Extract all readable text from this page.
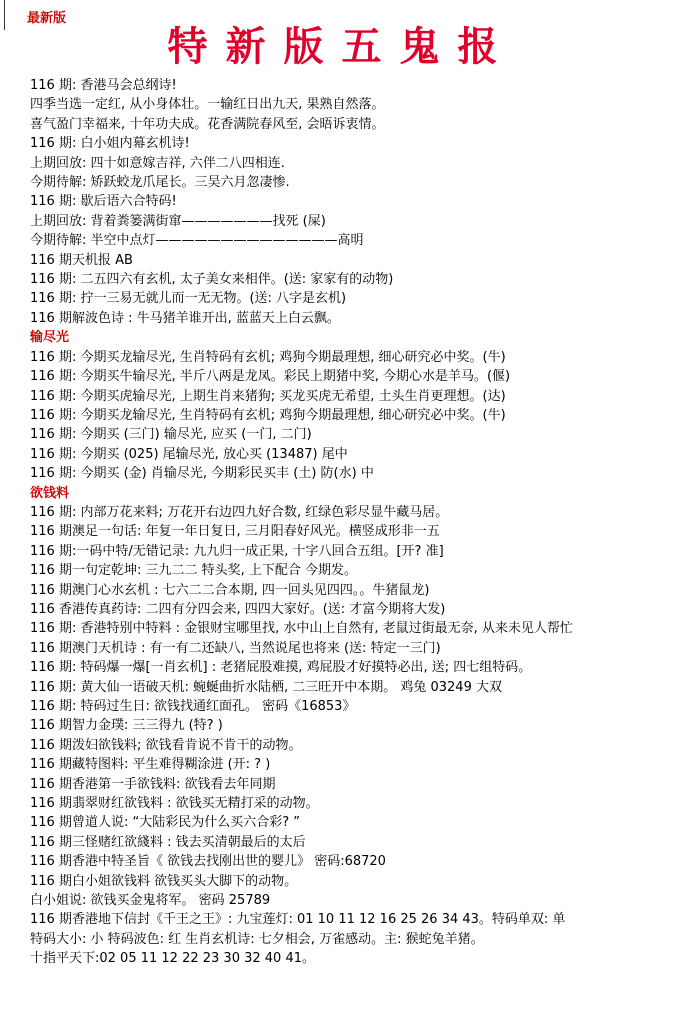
最新版
特新版五鬼报
116 期: 香港马会总纲诗!
四季当选一定红, 从小身体壮。一输红日出九天, 果熟自然落。
喜气盈门幸福来, 十年功夫成。花香满院春风至, 会晤诉衷情。
116 期: 白小姐内幕玄机诗!
上期回放: 四十如意嫁吉祥, 六伴二八四相连.
今期待解: 矫跃蛟龙爪尾长。三吴六月忽凄惨.
116 期: 歇后语六合特码!
上期回放: 背着粪篓满街窜———————找死 (屎)
今期待解: 半空中点灯——————————————高明
116 期天机报 AB
116 期: 二五四六有玄机, 太子美女来相伴。(送: 家家有的动物)
116 期: 拧一三易无就儿而一无无物。(送: 八字是玄机)
116 期解波色诗 : 牛马猪羊谁开出, 蓝蓝天上白云飘。
输尽光
116 期: 今期买龙输尽光, 生肖特码有玄机; 鸡狗今期最理想, 细心研究必中奖。(牛)
116 期: 今期买牛输尽光, 半斤八两是龙凤。彩民上期猪中奖, 今期心水是羊马。(偃)
116 期: 今期买虎输尽光, 上期生肖来猪狗; 买龙买虎无希望, 土头生肖更理想。(达)
116 期: 今期买龙输尽光, 生肖特码有玄机; 鸡狗今期最理想, 细心研究必中奖。(牛)
116 期: 今期买 (三门) 输尽光, 应买 (一门, 二门)
116 期: 今期买 (025) 尾输尽光, 放心买 (13487) 尾中
116 期: 今期买 (金) 肖输尽光, 今期彩民买丰 (土) 防(水) 中
欲钱料
116 期: 内部万花来料; 万花开右边四九好合数, 红绿色彩尽显牛藏马居。
116 期澳足一句话: 年复一年日复日, 三月阳春好风光。横竖成形非一五
116 期:一码中特/无错记录: 九九归一成正果, 十字八回合五组。[开? 准]
116 期一句定乾坤: 三九二二 特头奖, 上下配合 今期发。
116 期澳门心水玄机 : 七六二二合本期, 四一回头见四四。。牛猪鼠龙)
116 香港传真药诗: 二四有分四会来, 四四大家好。(送: 才富今期将大发)
116 期: 香港特别中特料 : 金银财宝哪里找, 水中山上自然有, 老鼠过街最无奈, 从来未见人帮忙
116 期澳门天机诗 : 有一有二还缺八, 当然说尾也将来 (送: 特定一三门)
116 期: 特码爆一爆[一肖玄机] : 老猪屁股难摸, 鸡屁股才好摸特必出, 送; 四七组特码。
116 期: 黄大仙一语破天机: 蜿蜒曲折水陆栖, 二三旺开中本期。 鸡兔 03249 大双
116 期: 特码过生日: 欲钱找通红面孔。 密码《16853》
116 期智力金璞: 三三得九 (特? )
116 期泼妇欲钱料; 欲钱看肯说不肯干的动物。
116 期藏特图料: 平生难得糊涂进 (开: ? )
116 期香港第一手欲钱料: 欲钱看去年同期
116 期翡翠财红欲钱料 : 欲钱买无精打采的动物。
116 期曾道人说: “大陆彩民为什么买六合彩? ”
116 期三怪赌红欲綫料 : 钱去买清朝最后的太后
116 期香港中特圣旨《 欲钱去找刚出世的婴儿》 密码:68720
116 期白小姐欲钱料 欲钱买头大脚下的动物。
白小姐说: 欲钱买金鬼将军。 密码 25789
116 期香港地下信封《千王之王》: 九宝莲灯: 01 10 11 12 16 25 26 34 43。特码单双: 单
特码大小: 小 特码波色: 红 生肖玄机诗: 七夕相会, 万雀感动。主: 猴蛇兔羊猪。
十指平天下:02 05 11 12 22 23 30 32 40 41。
